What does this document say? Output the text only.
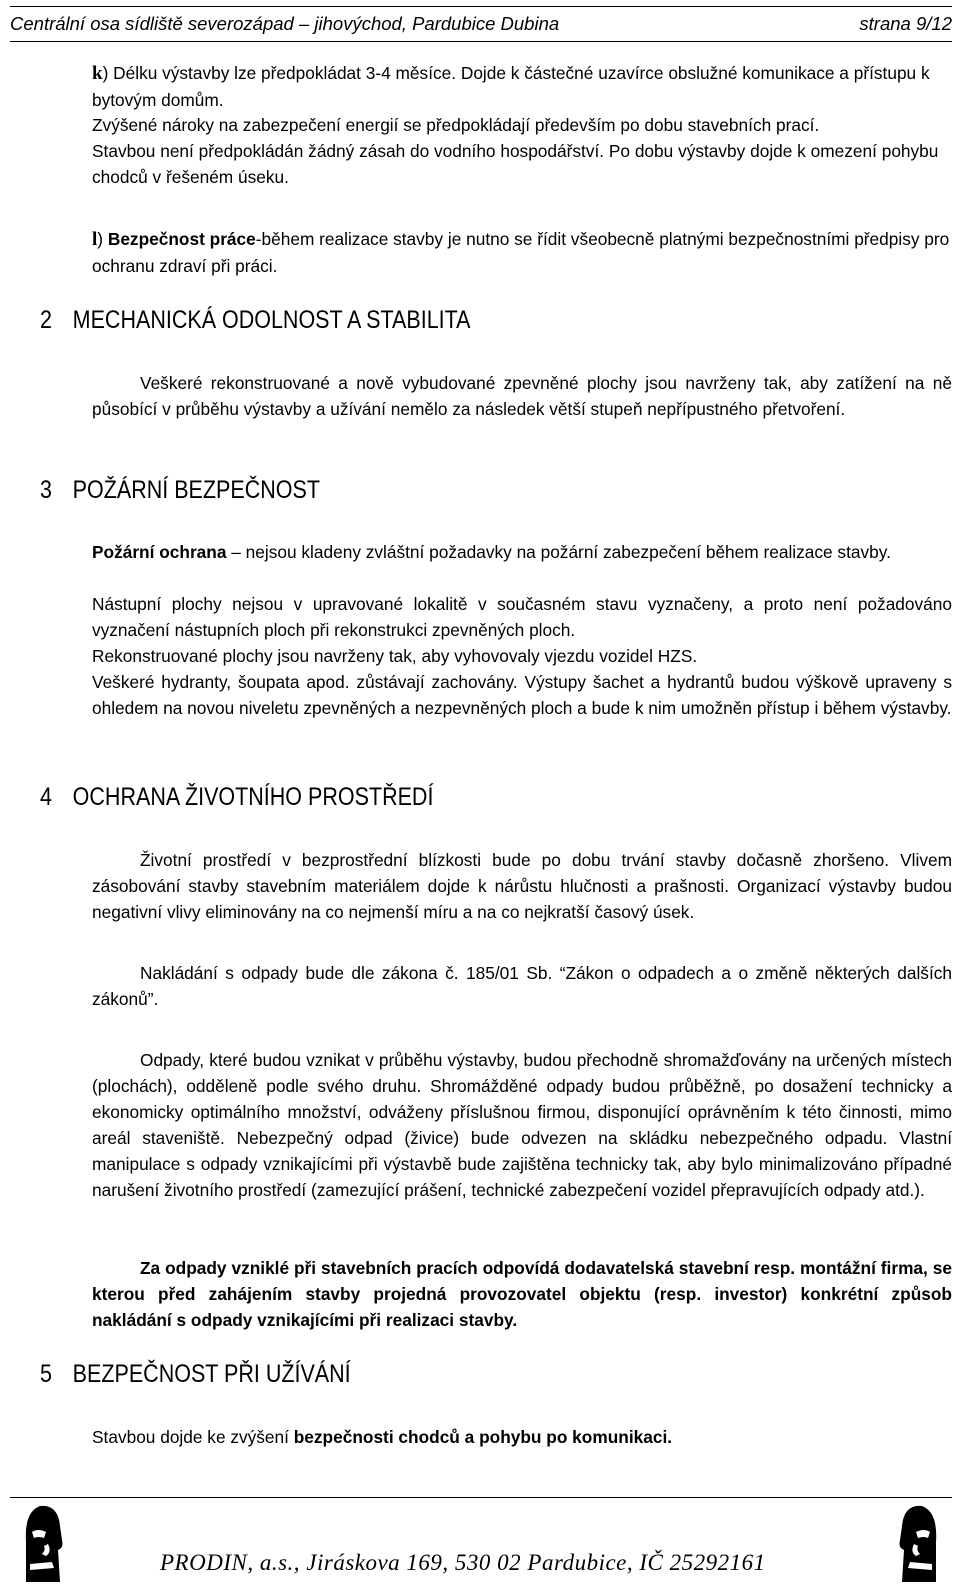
Centrální osa sídliště severozápad – jihovýchod, Pardubice Dubina	strana 9/12

k) Délku výstavby lze předpokládat 3-4 měsíce. Dojde k částečné uzavírce obslužné komunikace a přístupu k bytovým domům.

Zvýšené nároky na zabezpečení energií se předpokládají především po dobu stavebních prací.

Stavbou není předpokládán žádný zásah do vodního hospodářství. Po dobu výstavby dojde k omezení pohybu chodců v řešeném úseku.

l) Bezpečnost práce-během realizace stavby je nutno se řídit všeobecně platnými bezpečnostními předpisy pro ochranu zdraví při práci.

2 MECHANICKÁ ODOLNOST A STABILITA

Veškeré rekonstruované a nově vybudované zpevněné plochy jsou navrženy tak, aby zatížení na ně působící v průběhu výstavby a užívání nemělo za následek větší stupeň nepřípustného přetvoření.

3 POŽÁRNÍ BEZPEČNOST

Požární ochrana – nejsou kladeny zvláštní požadavky na požární zabezpečení během realizace stavby.

Nástupní plochy nejsou v upravované lokalitě v současném stavu vyznačeny, a proto není požadováno vyznačení nástupních ploch při rekonstrukci zpevněných ploch.

Rekonstruované plochy jsou navrženy tak, aby vyhovovaly vjezdu vozidel HZS.

Veškeré hydranty, šoupata apod. zůstávají zachovány. Výstupy šachet a hydrantů budou výškově upraveny s ohledem na novou niveletu zpevněných a nezpevněných ploch a bude k nim umožněn přístup i během výstavby.

4 OCHRANA ŽIVOTNÍHO PROSTŘEDÍ

Životní prostředí v bezprostřední blízkosti bude po dobu trvání stavby dočasně zhoršeno. Vlivem zásobování stavby stavebním materiálem dojde k nárůstu hlučnosti a prašnosti. Organizací výstavby budou negativní vlivy eliminovány na co nejmenší míru a na co nejkratší časový úsek.

Nakládání s odpady bude dle zákona č. 185/01 Sb. “Zákon o odpadech a o změně některých dalších zákonů”.

Odpady, které budou vznikat v průběhu výstavby, budou přechodně shromažďovány na určených místech (plochách), odděleně podle svého druhu. Shromážděné odpady budou průběžně, po dosažení technicky a ekonomicky optimálního množství, odváženy příslušnou firmou, disponující oprávněním k této činnosti, mimo areál staveniště. Nebezpečný odpad (živice) bude odvezen na skládku nebezpečného odpadu. Vlastní manipulace s odpady vznikajícími při výstavbě bude zajištěna technicky tak, aby bylo minimalizováno případné narušení životního prostředí (zamezující prášení, technické zabezpečení vozidel přepravujících odpady atd.).

Za odpady vzniklé při stavebních pracích odpovídá dodavatelská stavební resp. montážní firma, se kterou před zahájením stavby projedná provozovatel objektu (resp. investor) konkrétní způsob nakládání s odpady vznikajícími při realizaci stavby.

5 BEZPEČNOST PŘI UŽÍVÁNÍ

Stavbou dojde ke zvýšení bezpečnosti chodců a pohybu po komunikaci.

PRODIN, a.s., Jiráskova 169, 530 02 Pardubice, IČ 25292161
